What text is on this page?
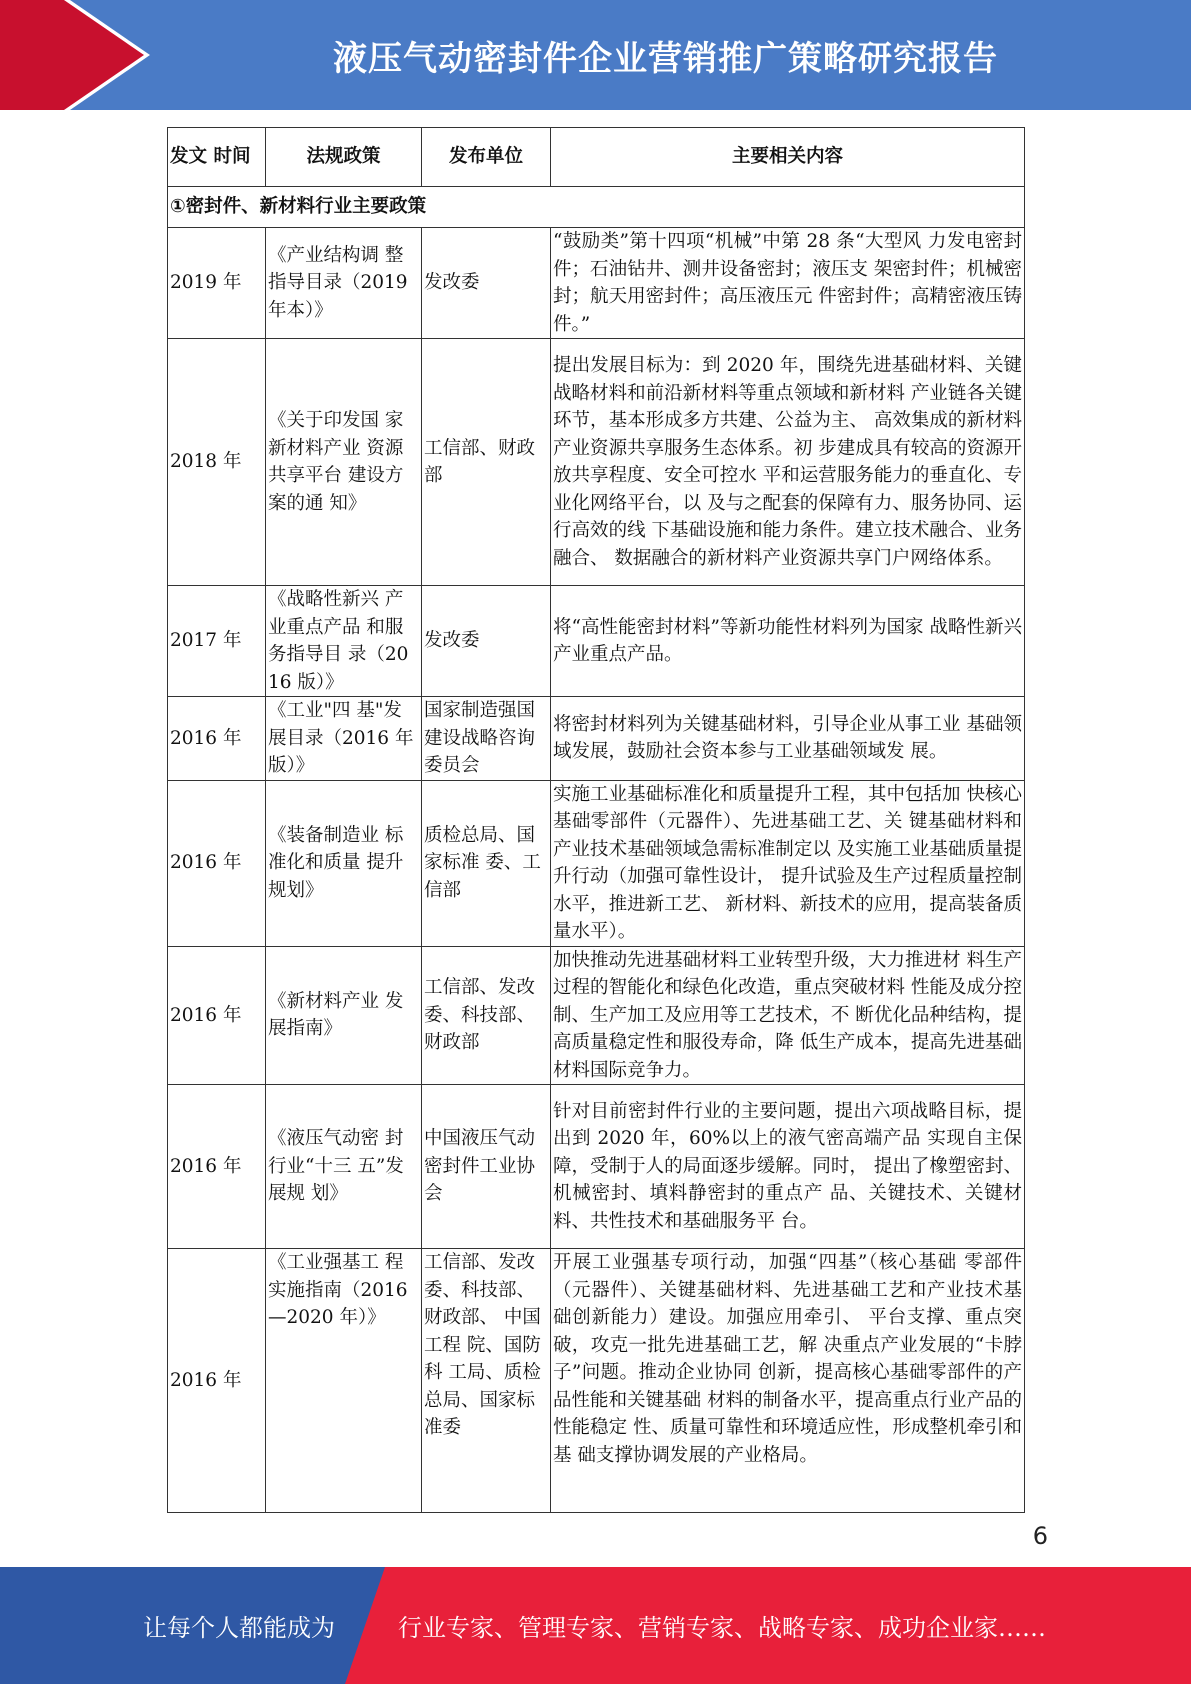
液压气动密封件企业营销推广策略研究报告
发文 时间	法规政策	发布单位	主要相关内容
①密封件、新材料行业主要政策			
2019 年	《产业结构调 整指导目录（2019 年本）》	发改委	“鼓励类”第十四项“机械”中第 28 条“大型风 力发电密封件；石油钻井、测井设备密封；液压支 架密封件；机械密封；航天用密封件；高压液压元 件密封件；高精密液压铸件。”
2018 年	《关于印发国 家新材料产业 资源共享平台 建设方案的通 知》	工信部、财政部	提出发展目标为：到 2020 年，围绕先进基础材料、关键战略材料和前沿新材料等重点领域和新材料 产业链各关键环节，基本形成多方共建、公益为主、 高效集成的新材料产业资源共享服务生态体系。初 步建成具有较高的资源开放共享程度、安全可控水 平和运营服务能力的垂直化、专业化网络平台，以 及与之配套的保障有力、服务协同、运行高效的线 下基础设施和能力条件。建立技术融合、业务融合、 数据融合的新材料产业资源共享门户网络体系。
2017 年	《战略性新兴 产业重点产品 和服务指导目 录（2016 版）》	发改委	将“高性能密封材料”等新功能性材料列为国家 战略性新兴产业重点产品。
2016 年	《工业"四 基"发展目录（2016 年版）》	国家制造强国建设战略咨询委员会	将密封材料列为关键基础材料，引导企业从事工业 基础领域发展，鼓励社会资本参与工业基础领域发 展。
2016 年	《装备制造业 标准化和质量 提升规划》	质检总局、国家标准 委、工信部	实施工业基础标准化和质量提升工程，其中包括加 快核心基础零部件（元器件）、先进基础工艺、关 键基础材料和产业技术基础领域急需标准制定以 及实施工业基础质量提升行动（加强可靠性设计， 提升试验及生产过程质量控制水平，推进新工艺、 新材料、新技术的应用，提高装备质量水平）。
2016 年	《新材料产业 发展指南》	工信部、发改委、科技部、财政部	加快推动先进基础材料工业转型升级，大力推进材 料生产过程的智能化和绿色化改造，重点突破材料 性能及成分控制、生产加工及应用等工艺技术，不 断优化品种结构，提高质量稳定性和服役寿命，降 低生产成本，提高先进基础材料国际竞争力。
2016 年	《液压气动密 封行业“十三 五”发展规 划》	中国液压气动密封件工业协会	针对目前密封件行业的主要问题，提出六项战略目标，提出到 2020 年，60%以上的液气密高端产品 实现自主保障，受制于人的局面逐步缓解。同时， 提出了橡塑密封、机械密封、填料静密封的重点产 品、关键技术、关键材料、共性技术和基础服务平 台。
2016 年	《工业强基工 程实施指南（2016—2020 年）》	工信部、发改委、科技部、财政部、 中国工程 院、国防科 工局、质检 总局、国家标准委	开展工业强基专项行动，加强“四基”（核心基础 零部件（元器件）、关键基础材料、先进基础工艺和产业技术基础创新能力）建设。加强应用牵引、 平台支撑、重点突破，攻克一批先进基础工艺，解 决重点产业发展的“卡脖子”问题。推动企业协同 创新，提高核心基础零部件的产品性能和关键基础 材料的制备水平，提高重点行业产品的性能稳定 性、质量可靠性和环境适应性，形成整机牵引和基 础支撑协调发展的产业格局。
6
让每个人都能成为	行业专家、管理专家、营销专家、战略专家、成功企业家……
